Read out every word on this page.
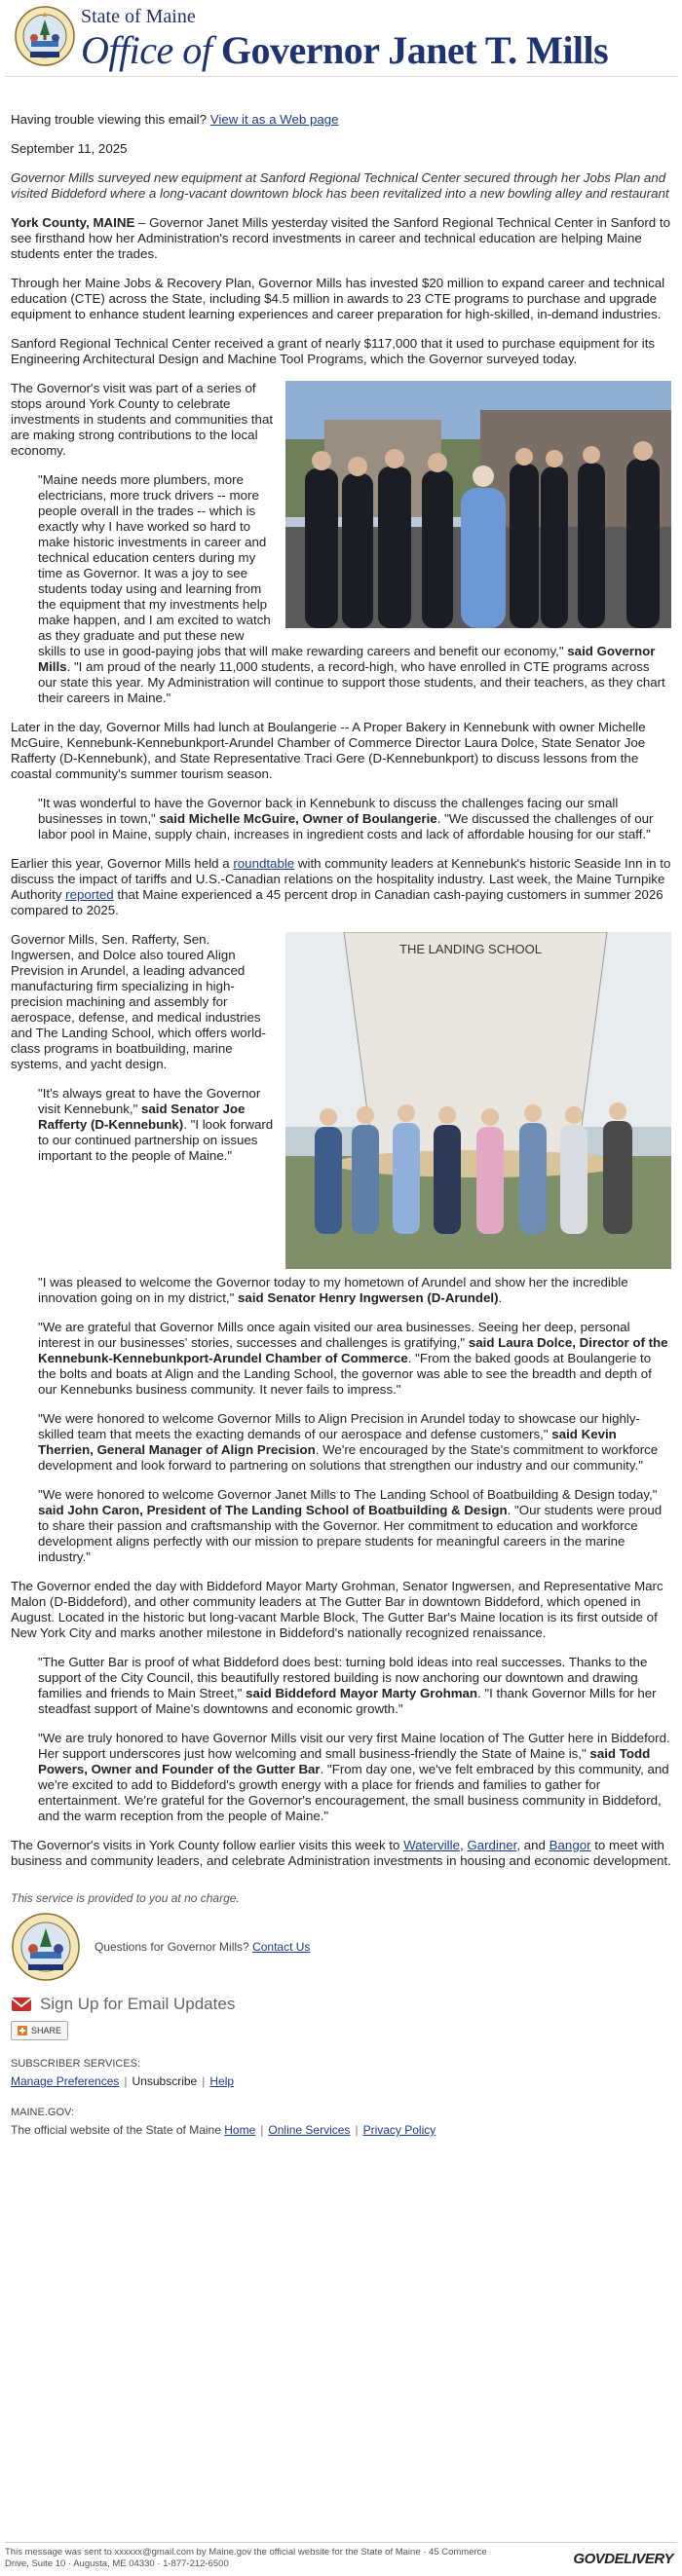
State of Maine
Office of Governor Janet T. Mills

Having trouble viewing this email? View it as a Web page

September 11, 2025

Governor Mills surveyed new equipment at Sanford Regional Technical Center secured through her Jobs Plan and visited Biddeford where a long-vacant downtown block has been revitalized into a new bowling alley and restaurant

York County, MAINE – Governor Janet Mills yesterday visited the Sanford Regional Technical Center in Sanford to see firsthand how her Administration's record investments in career and technical education are helping Maine students enter the trades.

Through her Maine Jobs & Recovery Plan, Governor Mills has invested $20 million to expand career and technical education (CTE) across the State, including $4.5 million in awards to 23 CTE programs to purchase and upgrade equipment to enhance student learning experiences and career preparation for high-skilled, in-demand industries.

Sanford Regional Technical Center received a grant of nearly $117,000 that it used to purchase equipment for its Engineering Architectural Design and Machine Tool Programs, which the Governor surveyed today.

The Governor's visit was part of a series of stops around York County to celebrate investments in students and communities that are making strong contributions to the local economy.

"Maine needs more plumbers, more electricians, more truck drivers -- more people overall in the trades -- which is exactly why I have worked so hard to make historic investments in career and technical education centers during my time as Governor. It was a joy to see students today using and learning from the equipment that my investments help make happen, and I am excited to watch as they graduate and put these new skills to use in good-paying jobs that will make rewarding careers and benefit our economy," said Governor Mills. "I am proud of the nearly 11,000 students, a record-high, who have enrolled in CTE programs across our state this year. My Administration will continue to support those students, and their teachers, as they chart their careers in Maine."

Later in the day, Governor Mills had lunch at Boulangerie -- A Proper Bakery in Kennebunk with owner Michelle McGuire, Kennebunk-Kennebunkport-Arundel Chamber of Commerce Director Laura Dolce, State Senator Joe Rafferty (D-Kennebunk), and State Representative Traci Gere (D-Kennebunkport) to discuss lessons from the coastal community's summer tourism season.

"It was wonderful to have the Governor back in Kennebunk to discuss the challenges facing our small businesses in town," said Michelle McGuire, Owner of Boulangerie. "We discussed the challenges of our labor pool in Maine, supply chain, increases in ingredient costs and lack of affordable housing for our staff."

Earlier this year, Governor Mills held a roundtable with community leaders at Kennebunk's historic Seaside Inn in to discuss the impact of tariffs and U.S.-Canadian relations on the hospitality industry. Last week, the Maine Turnpike Authority reported that Maine experienced a 45 percent drop in Canadian cash-paying customers in summer 2026 compared to 2025.

THE LANDING SCHOOL

Governor Mills, Sen. Rafferty, Sen. Ingwersen, and Dolce also toured Align Prevision in Arundel, a leading advanced manufacturing firm specializing in high-precision machining and assembly for aerospace, defense, and medical industries and The Landing School, which offers world-class programs in boatbuilding, marine systems, and yacht design.

"It's always great to have the Governor visit Kennebunk," said Senator Joe Rafferty (D-Kennebunk). "I look forward to our continued partnership on issues important to the people of Maine."
"I was pleased to welcome the Governor today to my hometown of Arundel and show her the incredible innovation going on in my district," said Senator Henry Ingwersen (D-Arundel).
"We are grateful that Governor Mills once again visited our area businesses. Seeing her deep, personal interest in our businesses' stories, successes and challenges is gratifying," said Laura Dolce, Director of the Kennebunk-Kennebunkport-Arundel Chamber of Commerce. "From the baked goods at Boulangerie to the bolts and boats at Align and the Landing School, the governor was able to see the breadth and depth of our Kennebunks business community. It never fails to impress."
"We were honored to welcome Governor Mills to Align Precision in Arundel today to showcase our highly-skilled team that meets the exacting demands of our aerospace and defense customers," said Kevin Therrien, General Manager of Align Precision. We're encouraged by the State's commitment to workforce development and look forward to partnering on solutions that strengthen our industry and our community."
"We were honored to welcome Governor Janet Mills to The Landing School of Boatbuilding & Design today," said John Caron, President of The Landing School of Boatbuilding & Design. "Our students were proud to share their passion and craftsmanship with the Governor. Her commitment to education and workforce development aligns perfectly with our mission to prepare students for meaningful careers in the marine industry."

The Governor ended the day with Biddeford Mayor Marty Grohman, Senator Ingwersen, and Representative Marc Malon (D-Biddeford), and other community leaders at The Gutter Bar in downtown Biddeford, which opened in August. Located in the historic but long-vacant Marble Block, The Gutter Bar's Maine location is its first outside of New York City and marks another milestone in Biddeford's nationally recognized renaissance.

"The Gutter Bar is proof of what Biddeford does best: turning bold ideas into real successes. Thanks to the support of the City Council, this beautifully restored building is now anchoring our downtown and drawing families and friends to Main Street," said Biddeford Mayor Marty Grohman. "I thank Governor Mills for her steadfast support of Maine's downtowns and economic growth."
"We are truly honored to have Governor Mills visit our very first Maine location of The Gutter here in Biddeford. Her support underscores just how welcoming and small business-friendly the State of Maine is," said Todd Powers, Owner and Founder of the Gutter Bar. "From day one, we've felt embraced by this community, and we're excited to add to Biddeford's growth energy with a place for friends and families to gather for entertainment. We're grateful for the Governor's encouragement, the small business community in Biddeford, and the warm reception from the people of Maine."

The Governor's visits in York County follow earlier visits this week to Waterville, Gardiner, and Bangor to meet with business and community leaders, and celebrate Administration investments in housing and economic development.

This service is provided to you at no charge.
Questions for Governor Mills? Contact Us
Sign Up for Email Updates
SHARE
SUBSCRIBER SERVICES:
Manage Preferences | Unsubscribe | Help
MAINE.GOV:
The official website of the State of Maine Home | Online Services | Privacy Policy
This message was sent to xxxxxx@gmail.com by Maine.gov the official website for the State of Maine · 45 Commerce Drive, Suite 10 · Augusta, ME 04330 · 1-877-212-6500	GOVDELIVERY
